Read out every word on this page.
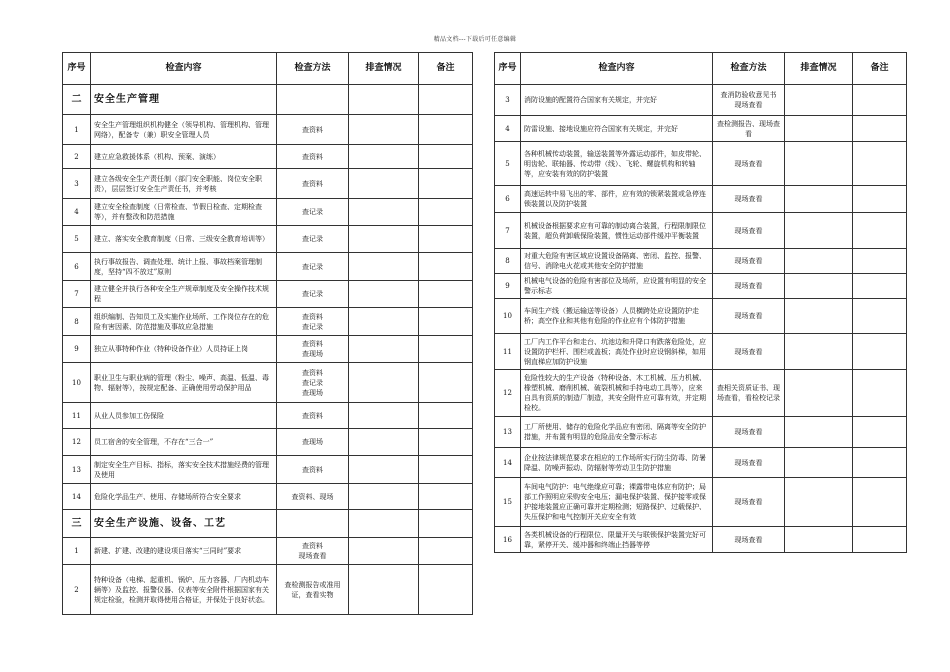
精品文档---下载后可任意编辑
序号	检查内容	检查方法	排查情况	备注
二	安全生产管理			
1	安全生产管理组织机构健全（领导机构、管理机构、管理网络），配备专（兼）职安全管理人员	查资料		
2	建立应急救援体系（机构、预案、演练）	查资料		
3	建立各级安全生产责任制（部门安全职能、岗位安全职责），层层签订安全生产责任书，并考核	查资料		
4	建立安全检查制度（日常检查、节假日检查、定期检查等），并有整改和防范措施	查记录		
5	建立、落实安全教育制度（日常、三级安全教育培训等）	查记录		
6	执行事故报告、调查处理、统计上报、事故档案管理制度，坚持“四不放过”原则	查记录		
7	建立健全并执行各种安全生产规章制度及安全操作技术规程	查记录		
8	组织编制、告知员工及实施作业场所、工作岗位存在的危险有害因素、防范措施及事故应急措施	查资料
查记录		
9	独立从事特种作业（特种设备作业）人员持证上岗	查资料
查现场		
10	职业卫生与职业病的管理（粉尘、噪声、高温、低温、毒物、辐射等），按规定配备、正确使用劳动保护用品	查资料
查记录
查现场		
11	从业人员参加工伤保险	查资料		
12	员工宿舍的安全管理，不存在“三合一”	查现场		
13	制定安全生产目标、指标，落实安全技术措施经费的管理及使用	查资料		
14	危险化学品生产、使用、存储场所符合安全要求	查资料、现场		
三	安全生产设施、设备、工艺			
1	新建、扩建、改建的建设项目落实“三同时”要求	查资料
现场查看		
2	特种设备（电梯、起重机、锅炉、压力容器、厂内机动车辆等）及监控、报警仪器、仪表等安全附件根据国家有关规定检验，检测并取得使用合格证，并保处于良好状态。	查检测报告或准用证，查看实物		
序号	检查内容	检查方法	排查情况	备注
3	消防设施的配置符合国家有关规定，并完好	查消防验收意见书
现场查看		
4	防雷设施、接地设施应符合国家有关规定，并完好	查检测报告、现场查看		
5	各种机械传动装置，输送装置等外露运动部件，如皮带轮、明齿轮、联轴器、传动带（线）、飞轮、螺旋机构和转轴等，应安装有效的防护装置	现场查看		
6	高速运转中易飞出的零、部件，应有效的锁紧装置或急停连锁装置以及防护装置	现场查看		
7	机械设备根据要求应有可靠的制动离合装置，行程限制限位装置，超负荷卸载保险装置，惯性运动部件缓冲平衡装置	现场查看		
8	对重大危险有害区域应设置设备隔离、密闭、监控、报警、信号、消除电火花或其他安全防护措施	现场查看		
9	机械电气设备的危险有害部位及场所，应设置有明显的安全警示标志	现场查看		
10	车间生产线（搬运输送等设备）人员横跨处应设置防护走桥；高空作业和其他有危险的作业应有个体防护措施	现场查看		
11	工厂内工作平台和走台、坑池边和升降口有跌落危险处，应设置防护栏杆、围栏或盖板；高处作业时应设钢斜梯，如用钢直梯应加防护设施	现场查看		
12	危险性较大的生产设备（特种设备、木工机械、压力机械、橡塑机械、磨削机械、破裂机械和手持电动工具等），应来自具有资质的制造厂制造，其安全附件应可靠有效，并定期检校。	查相关资质证书、现场查看，看检校记录		
13	工厂所使用、储存的危险化学品应有密闭、隔离等安全防护措施，并布置有明显的危险品安全警示标志	现场查看		
14	企业按法律规范要求在相应的工作场所实行防尘防毒、防暑降温、防噪声振动、防辐射等劳动卫生防护措施	现场查看		
15	车间电气防护：电气绝缘应可靠；裸露带电体应有防护；局部工作照明应采购安全电压；漏电保护装置、保护接零或保护接地装置应正确可靠并定期检测；短路保护、过载保护、失压保护和电气控制开关应安全有效	现场查看		
16	各类机械设备的行程限位、限量开关与联锁保护装置完好可靠，紧停开关、缓冲器和终端止挡器等停	现场查看		
